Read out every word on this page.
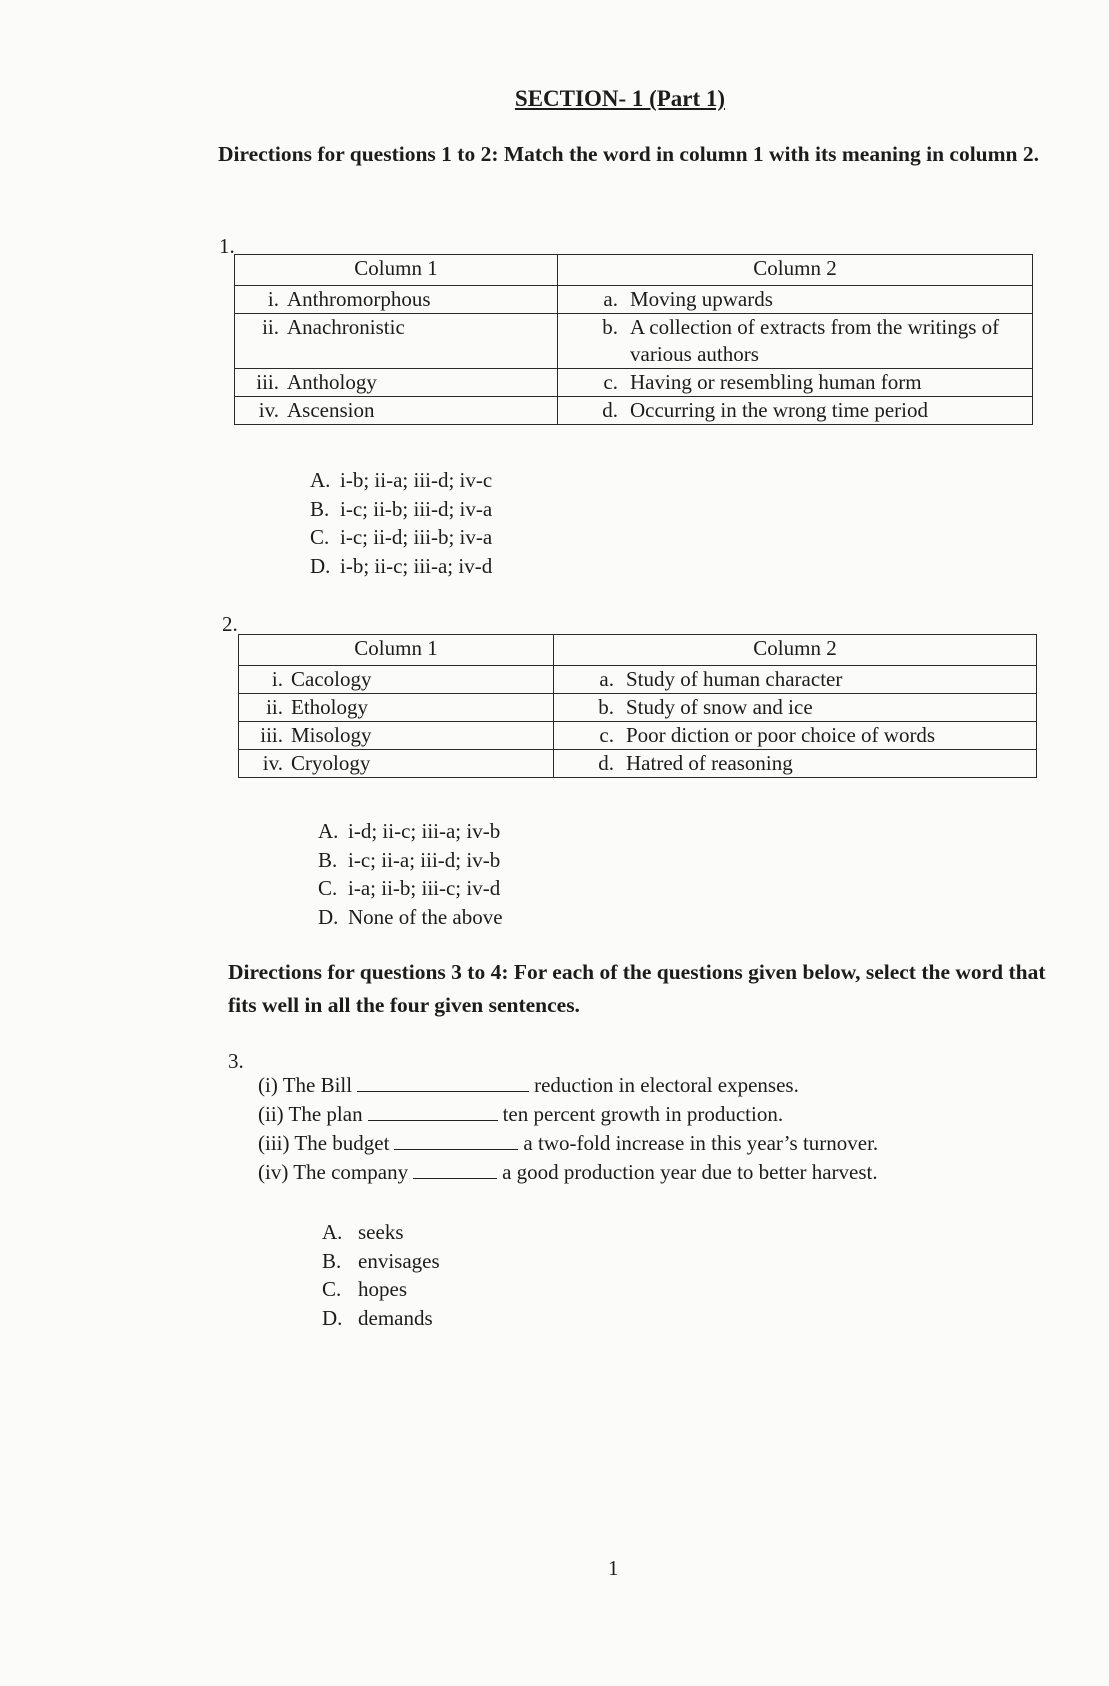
SECTION- 1 (Part 1)
Directions for questions 1 to 2: Match the word in column 1 with its meaning in column 2.
1.
Column 1	Column 2
i. Anthromorphous	a. Moving upwards
ii. Anachronistic	b. A collection of extracts from the writings of various authors
iii. Anthology	c. Having or resembling human form
iv. Ascension	d. Occurring in the wrong time period
A. i-b; ii-a; iii-d; iv-c
B. i-c; ii-b; iii-d; iv-a
C. i-c; ii-d; iii-b; iv-a
D. i-b; ii-c; iii-a; iv-d
2.
Column 1	Column 2
i. Cacology	a. Study of human character
ii. Ethology	b. Study of snow and ice
iii. Misology	c. Poor diction or poor choice of words
iv. Cryology	d. Hatred of reasoning
A. i-d; ii-c; iii-a; iv-b
B. i-c; ii-a; iii-d; iv-b
C. i-a; ii-b; iii-c; iv-d
D. None of the above
Directions for questions 3 to 4: For each of the questions given below, select the word that fits well in all the four given sentences.
3.
(i) The Bill	reduction in electoral expenses.
(ii) The plan	ten percent growth in production.
(iii) The budget	a two-fold increase in this year’s turnover.
(iv) The company	a good production year due to better harvest.
A. seeks
B. envisages
C. hopes
D. demands
1
